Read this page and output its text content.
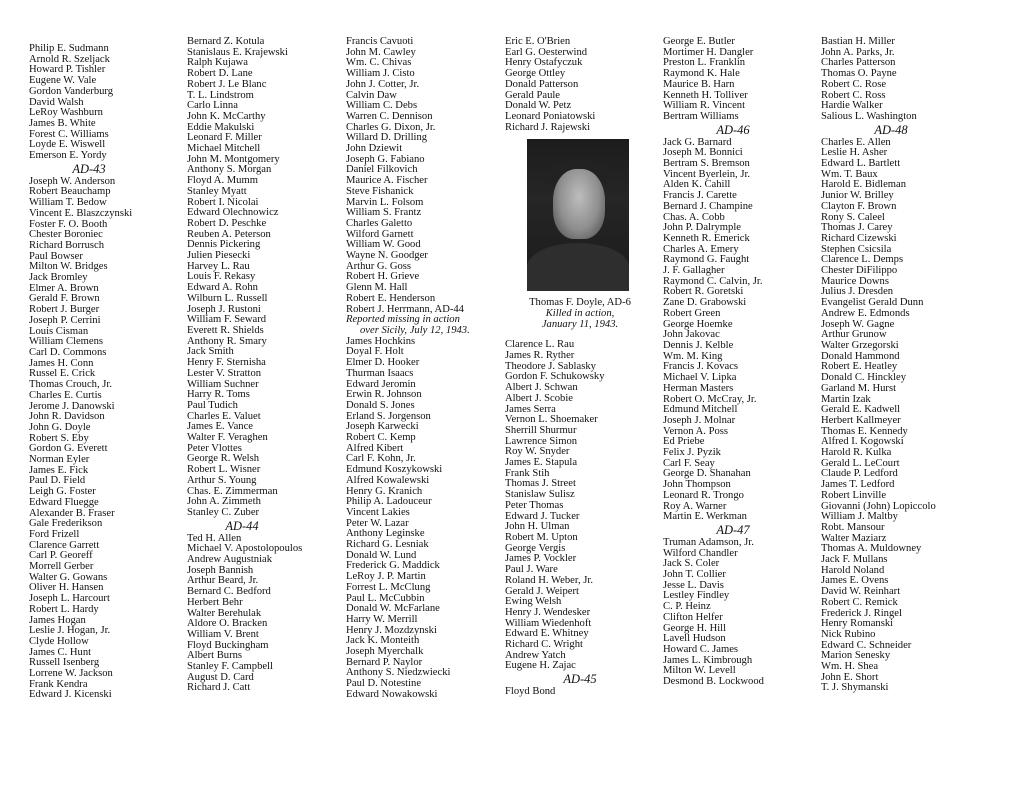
Philip E. Sudmann
Arnold R. Szeljack
Howard P. Tishler
Eugene W. Vale
Gordon Vanderburg
David Walsh
LeRoy Washburn
James B. White
Forest C. Williams
Loyde E. Wiswell
Emerson E. Yordy
AD-43
Joseph W. Anderson
Robert Beauchamp
William T. Bedow
Vincent E. Blaszczynski
Foster F. O. Booth
Chester Boroniec
Richard Borrusch
Paul Bowser
Milton W. Bridges
Jack Bromley
Elmer A. Brown
Gerald F. Brown
Robert J. Burger
Joseph P. Cerrini
Louis Cisman
William Clemens
Carl D. Commons
James H. Conn
Russel E. Crick
Thomas Crouch, Jr.
Charles E. Curtis
Jerome J. Danowski
John R. Davidson
John G. Doyle
Robert S. Eby
Gordon G. Everett
Norman Eyler
James E. Fick
Paul D. Field
Leigh G. Foster
Edward Fluegge
Alexander B. Fraser
Gale Frederikson
Ford Frizell
Clarence Garrett
Carl P. Georeff
Morrell Gerber
Walter G. Gowans
Oliver H. Hansen
Joseph L. Harcourt
Robert L. Hardy
James Hogan
Leslie J. Hogan, Jr.
Clyde Hollow
James C. Hunt
Russell Isenberg
Lorrene W. Jackson
Frank Kendra
Edward J. Kicenski
Bernard Z. Kotula
Stanislaus E. Krajewski
Ralph Kujawa
Robert D. Lane
Robert J. Le Blanc
T. L. Lindstrom
Carlo Linna
John K. McCarthy
Eddie Makulski
Leonard F. Miller
Michael Mitchell
John M. Montgomery
Anthony S. Morgan
Floyd A. Mumm
Stanley Myatt
Robert I. Nicolai
Edward Olechnowicz
Robert D. Peschke
Reuben A. Peterson
Dennis Pickering
Julien Piesecki
Harvey L. Rau
Louis F. Rekasy
Edward A. Rohn
Wilburn L. Russell
Joseph J. Rustoni
William F. Seward
Everett R. Shields
Anthony R. Smary
Jack Smith
Henry F. Sternisha
Lester V. Stratton
William Suchner
Harry R. Toms
Paul Tudich
Charles E. Valuet
James E. Vance
Walter F. Veraghen
Peter Vlottes
George R. Welsh
Robert L. Wisner
Arthur S. Young
Chas. E. Zimmerman
John A. Zimmeth
Stanley C. Zuber
AD-44
Ted H. Allen
Michael V. Apostolopoulos
Andrew Augustniak
Joseph Bannish
Arthur Beard, Jr.
Bernard C. Bedford
Herbert Behr
Walter Berehulak
Aldore O. Bracken
William V. Brent
Floyd Buckingham
Albert Burns
Stanley F. Campbell
August D. Card
Richard J. Catt
Francis Cavuoti
John M. Cawley
Wm. C. Chivas
William J. Cisto
John J. Cotter, Jr.
Calvin Daw
William C. Debs
Warren C. Dennison
Charles G. Dixon, Jr.
Willard D. Drilling
John Dziewit
Joseph G. Fabiano
Daniel Filkovich
Maurice A. Fischer
Steve Fishanick
Marvin L. Folsom
William S. Frantz
Charles Galetto
Wilford Garnett
William W. Good
Wayne N. Goodger
Arthur G. Goss
Robert H. Grieve
Glenn M. Hall
Robert E. Henderson
Robert J. Herrmann, AD-44
Reported missing in action
over Sicily, July 12, 1943.
James Hochkins
Doyal F. Holt
Elmer D. Hooker
Thurman Isaacs
Edward Jeromin
Erwin R. Johnson
Donald S. Jones
Erland S. Jorgenson
Joseph Karwecki
Robert C. Kemp
Alfred Kibert
Carl F. Kohn, Jr.
Edmund Koszykowski
Alfred Kowalewski
Henry G. Kranich
Philip A. Ladouceur
Vincent Lakies
Peter W. Lazar
Anthony Leginske
Richard G. Lesniak
Donald W. Lund
Frederick G. Maddick
LeRoy J. P. Martin
Forrest L. McClung
Paul L. McCubbin
Donald W. McFarlane
Harry W. Merrill
Henry J. Mozdzynski
Jack K. Monteith
Joseph Myerchalk
Bernard P. Naylor
Anthony S. Niedzwiecki
Paul D. Notestine
Edward Nowakowski
Eric E. O'Brien
Earl G. Oesterwind
Henry Ostafyczuk
George Ottley
Donald Patterson
Gerald Paule
Donald W. Petz
Leonard Poniatowski
Richard J. Rajewski
Thomas F. Doyle, AD-6
Killed in action,
January 11, 1943.
Clarence L. Rau
James R. Ryther
Theodore J. Sablasky
Gordon F. Schukowsky
Albert J. Schwan
Albert J. Scobie
James Serra
Vernon L. Shoemaker
Sherrill Shurmur
Lawrence Simon
Roy W. Snyder
James E. Stapula
Frank Stih
Thomas J. Street
Stanislaw Sulisz
Peter Thomas
Edward J. Tucker
John H. Ulman
Robert M. Upton
George Vergis
James P. Vockler
Paul J. Ware
Roland H. Weber, Jr.
Gerald J. Weipert
Ewing Welsh
Henry J. Wendesker
William Wiedenhoft
Edward E. Whitney
Richard C. Wright
Andrew Yatch
Eugene H. Zajac
AD-45
Floyd Bond
George E. Butler
Mortimer H. Dangler
Preston L. Franklin
Raymond K. Hale
Maurice B. Harn
Kenneth H. Tolliver
William R. Vincent
Bertram Williams
AD-46
Jack G. Barnard
Joseph M. Bonnici
Bertram S. Bremson
Vincent Byerlein, Jr.
Alden K. Cahill
Francis J. Carette
Bernard J. Champine
Chas. A. Cobb
John P. Dalrymple
Kenneth R. Emerick
Charles A. Emery
Raymond G. Faught
J. F. Gallagher
Raymond C. Calvin, Jr.
Robert R. Goretski
Zane D. Grabowski
Robert Green
George Hoemke
John Jakovac
Dennis J. Kelble
Wm. M. King
Francis J. Kovacs
Michael V. Lipka
Herman Masters
Robert O. McCray, Jr.
Edmund Mitchell
Joseph J. Molnar
Vernon A. Poss
Ed Priebe
Felix J. Pyzik
Carl F. Seay
George D. Shanahan
John Thompson
Leonard R. Trongo
Roy A. Warner
Martin E. Werkman
AD-47
Truman Adamson, Jr.
Wilford Chandler
Jack S. Coler
John T. Collier
Jesse L. Davis
Lestley Findley
C. P. Heinz
Clifton Helfer
George H. Hill
Lavell Hudson
Howard C. James
James L. Kimbrough
Milton W. Levell
Desmond B. Lockwood
Bastian H. Miller
John A. Parks, Jr.
Charles Patterson
Thomas O. Payne
Robert C. Rose
Robert C. Ross
Hardie Walker
Salious L. Washington
AD-48
Charles E. Allen
Leslie H. Asher
Edward L. Bartlett
Wm. T. Baux
Harold E. Bidleman
Junior W. Brilley
Clayton F. Brown
Rony S. Caleel
Thomas J. Carey
Richard Cizewski
Stephen Csicsila
Clarence L. Demps
Chester DiFilippo
Maurice Downs
Julius J. Dresden
Evangelist Gerald Dunn
Andrew E. Edmonds
Joseph W. Gagne
Arthur Grunow
Walter Grzegorski
Donald Hammond
Robert E. Heatley
Donald C. Hinckley
Garland M. Hurst
Martin Izak
Gerald E. Kadwell
Herbert Kallmeyer
Thomas E. Kennedy
Alfred I. Kogowski
Harold R. Kulka
Gerald L. LeCourt
Claude P. Ledford
James T. Ledford
Robert Linville
Giovanni (John) Lopiccolo
William J. Maltby
Robt. Mansour
Walter Maziarz
Thomas A. Muldowney
Jack F. Mullans
Harold Noland
James E. Ovens
David W. Reinhart
Robert C. Remick
Frederick J. Ringel
Henry Romanski
Nick Rubino
Edward C. Schneider
Marion Senesky
Wm. H. Shea
John E. Short
T. J. Shymanski
